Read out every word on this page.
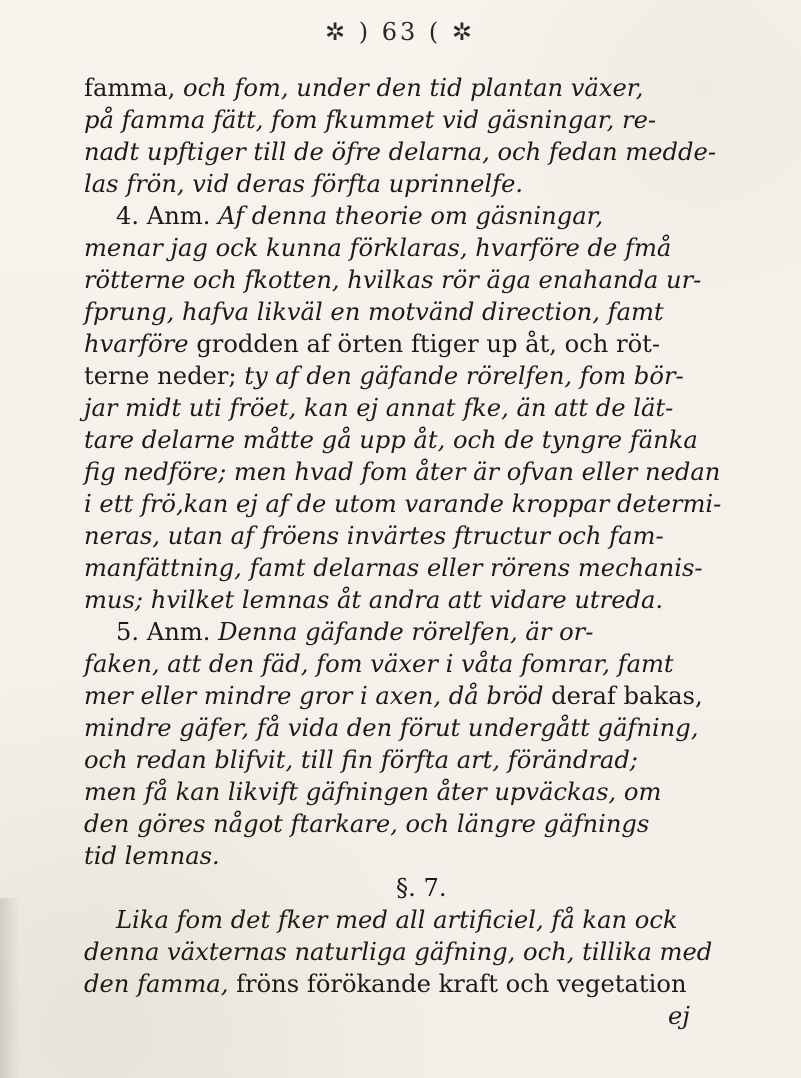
✲ ) 63 ( ✲
famma, och fom, under den tid plantan växer,
på famma fätt, fom fkummet vid gäsningar, re-
nadt upftiger till de öfre delarna, och fedan medde-
las frön, vid deras förfta uprinnelfe.
4. Anm. Af denna theorie om gäsningar,
menar jag ock kunna förklaras, hvarföre de fmå
rötterne och fkotten, hvilkas rör äga enahanda ur-
fprung, hafva likväl en motvänd direction, famt
hvarföre grodden af örten ftiger up åt, och röt-
terne neder; ty af den gäfande rörelfen, fom bör-
jar midt uti fröet, kan ej annat fke, än att de lät-
tare delarne måtte gå upp åt, och de tyngre fänka
fig nedföre; men hvad fom åter är ofvan eller nedan
i ett frö,kan ej af de utom varande kroppar determi-
neras, utan af fröens invärtes ftructur och fam-
manfättning, famt delarnas eller rörens mechanis-
mus; hvilket lemnas åt andra att vidare utreda.
5. Anm. Denna gäfande rörelfen, är or-
faken, att den fäd, fom växer i våta fomrar, famt
mer eller mindre gror i axen, då bröd deraf bakas,
mindre gäfer, få vida den förut undergått gäfning,
och redan blifvit, till fin förfta art, förändrad;
men få kan likvift gäfningen åter upväckas, om
den göres något ftarkare, och längre gäfnings
tid lemnas.
§. 7.
Lika fom det fker med all artificiel, få kan ock
denna växternas naturliga gäfning, och, tillika med
den famma, fröns förökande kraft och vegetation
ej
